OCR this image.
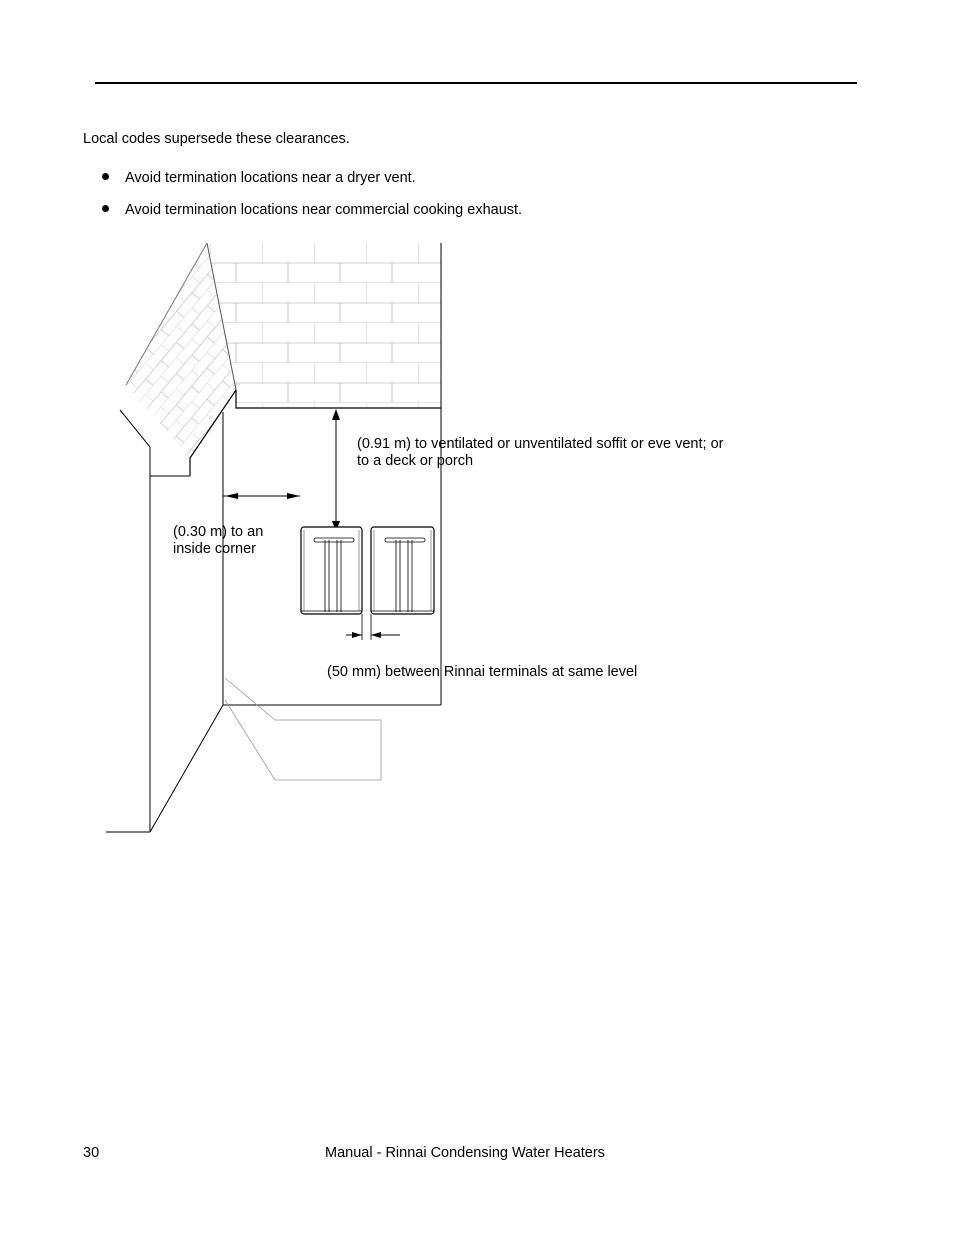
Local codes supersede these clearances.
Avoid termination locations near a dryer vent.
Avoid termination locations near commercial cooking exhaust.
(0.91 m) to ventilated or unventilated soffit or eve vent; or
to a deck or porch
(0.30 m) to an
inside corner
(50 mm) between Rinnai terminals at same level
30	Manual - Rinnai Condensing Water Heaters
